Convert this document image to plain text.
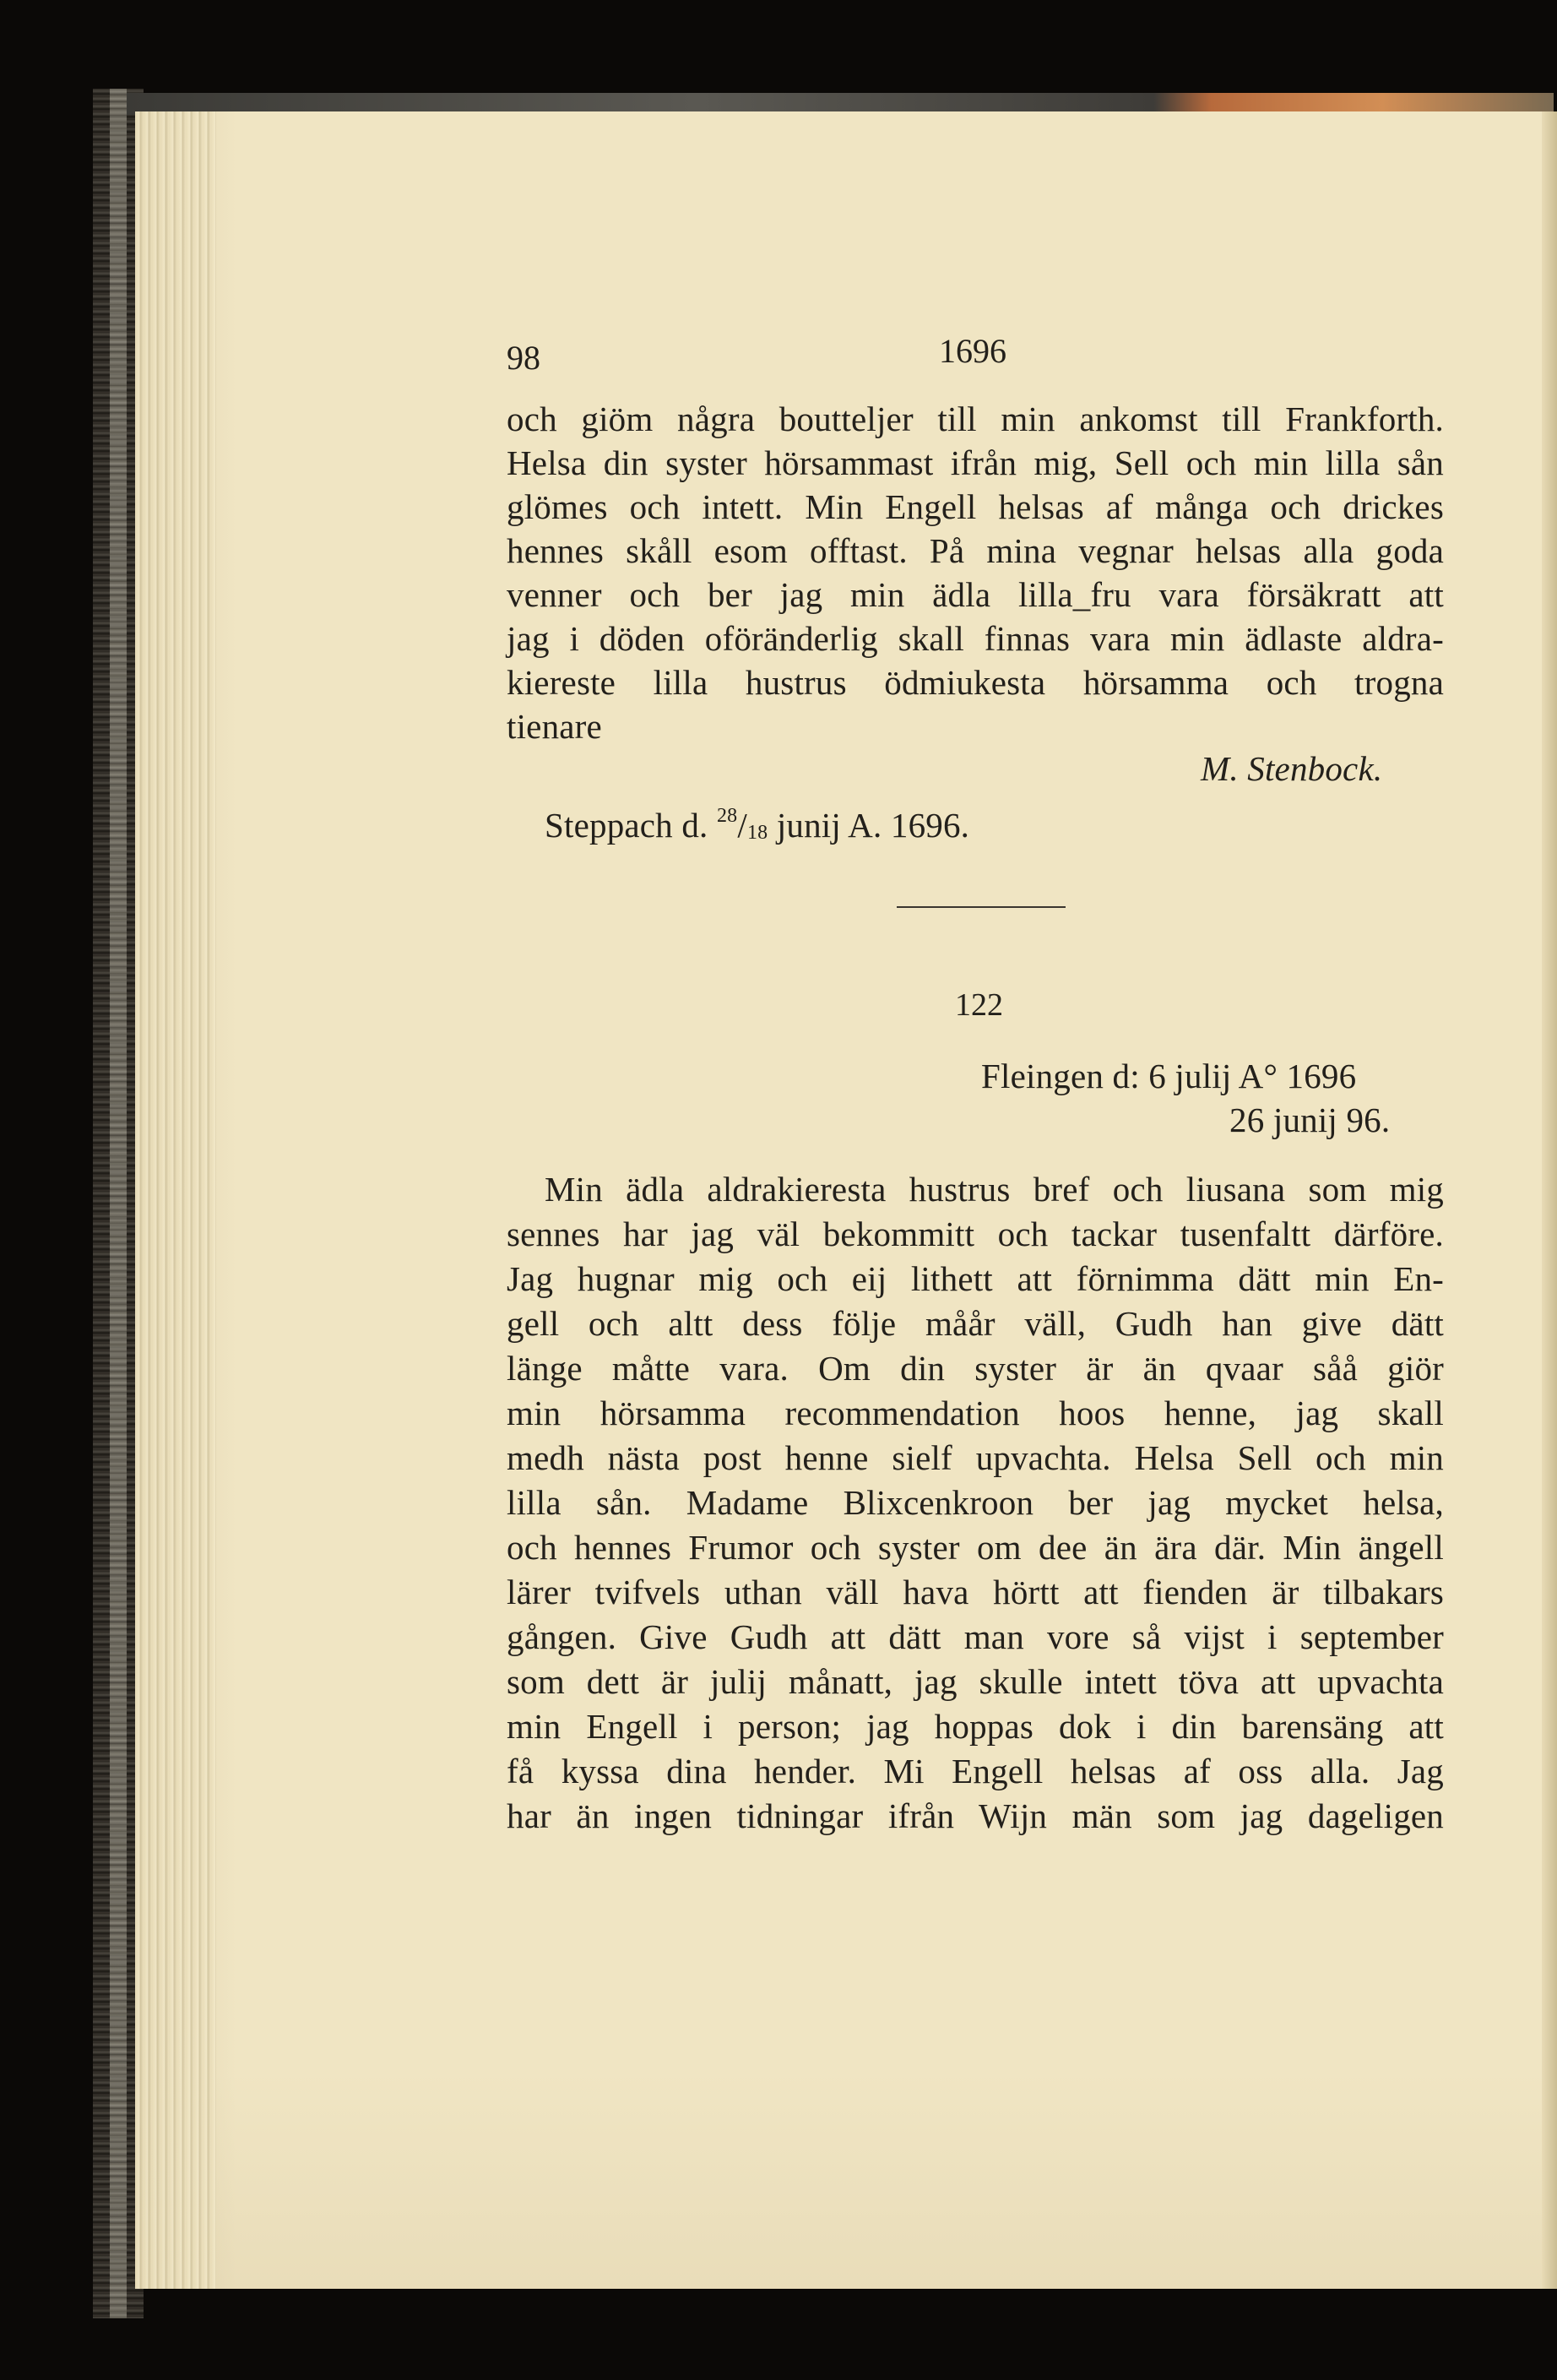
98	1696
och giöm några boutteljer till min ankomst till Frankforth.
Helsa din syster hörsammast ifrån mig, Sell och min lilla sån
glömes och intett. Min Engell helsas af många och drickes
hennes skåll esom offtast. På mina vegnar helsas alla goda
venner och ber jag min ädla lilla_fru vara försäkratt att
jag i döden oföränderlig skall finnas vara min ädlaste aldra-
kiereste lilla hustrus ödmiukesta hörsamma och trogna
tienare
M. Stenbock.
Steppach d. $^{28}/_{18}$ junij A. 1696.
122
Fleingen d: 6 julij A° 1696
26 junij 96.
Min ädla aldrakieresta hustrus bref och liusana som mig
sennes har jag väl bekommitt och tackar tusenfaltt därföre.
Jag hugnar mig och eij lithett att förnimma dätt min En-
gell och altt dess följe måår väll, Gudh han give dätt
länge måtte vara. Om din syster är än qvaar såå giör
min hörsamma recommendation hoos henne, jag skall
medh nästa post henne sielf upvachta. Helsa Sell och min
lilla sån. Madame Blixcenkroon ber jag mycket helsa,
och hennes Frumor och syster om dee än ära där. Min ängell
lärer tvifvels uthan väll hava hörtt att fienden är tilbakars
gången. Give Gudh att dätt man vore så vijst i september
som dett är julij månatt, jag skulle intett töva att upvachta
min Engell i person; jag hoppas dok i din barensäng att
få kyssa dina hender. Mi Engell helsas af oss alla. Jag
har än ingen tidningar ifrån Wijn män som jag dageligen
